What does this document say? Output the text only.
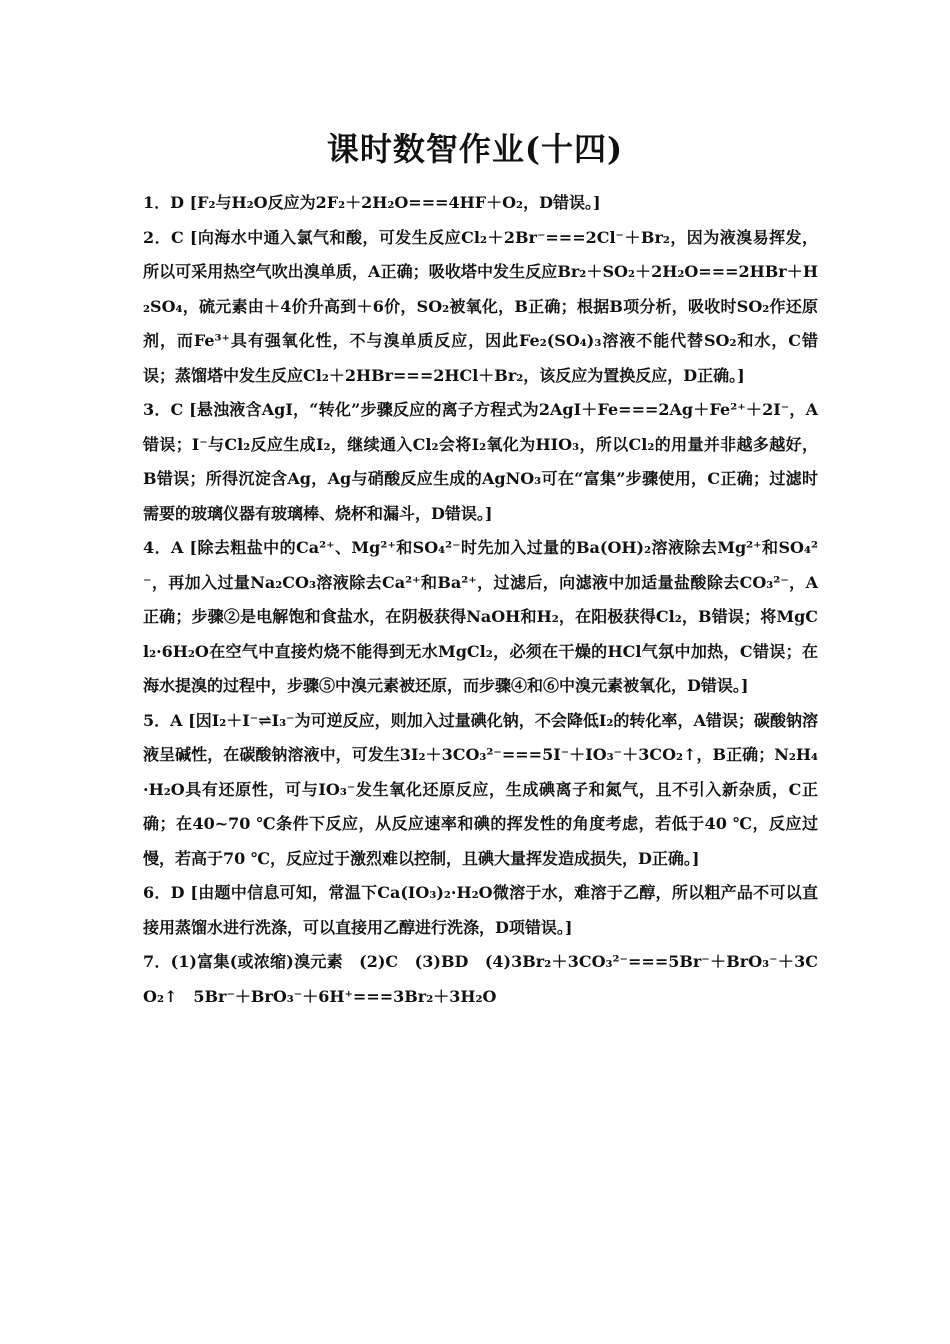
课时数智作业(十四)

1．D [F₂与H₂O反应为2F₂＋2H₂O===4HF＋O₂，D错误。]

2．C [向海水中通入氯气和酸，可发生反应Cl₂＋2Br⁻===2Cl⁻＋Br₂，因为液溴易挥发，所以可采用热空气吹出溴单质，A正确；吸收塔中发生反应Br₂＋SO₂＋2H₂O===2HBr＋H₂SO₄，硫元素由＋4价升高到＋6价，SO₂被氧化，B正确；根据B项分析，吸收时SO₂作还原剂，而Fe³⁺具有强氧化性，不与溴单质反应，因此Fe₂(SO₄)₃溶液不能代替SO₂和水，C错误；蒸馏塔中发生反应Cl₂＋2HBr===2HCl＋Br₂，该反应为置换反应，D正确。]

3．C [悬浊液含AgI，“转化”步骤反应的离子方程式为2AgI＋Fe===2Ag＋Fe²⁺＋2I⁻，A错误；I⁻与Cl₂反应生成I₂，继续通入Cl₂会将I₂氧化为HIO₃，所以Cl₂的用量并非越多越好，B错误；所得沉淀含Ag，Ag与硝酸反应生成的AgNO₃可在“富集”步骤使用，C正确；过滤时需要的玻璃仪器有玻璃棒、烧杯和漏斗，D错误。]

4．A [除去粗盐中的Ca²⁺、Mg²⁺和SO₄²⁻时先加入过量的Ba(OH)₂溶液除去Mg²⁺和SO₄²⁻，再加入过量Na₂CO₃溶液除去Ca²⁺和Ba²⁺，过滤后，向滤液中加适量盐酸除去CO₃²⁻，A正确；步骤②是电解饱和食盐水，在阴极获得NaOH和H₂，在阳极获得Cl₂，B错误；将MgCl₂·6H₂O在空气中直接灼烧不能得到无水MgCl₂，必须在干燥的HCl气氛中加热，C错误；在海水提溴的过程中，步骤⑤中溴元素被还原，而步骤④和⑥中溴元素被氧化，D错误。]

5．A [因I₂＋I⁻⇌I₃⁻为可逆反应，则加入过量碘化钠，不会降低I₂的转化率，A错误；碳酸钠溶液呈碱性，在碳酸钠溶液中，可发生3I₂＋3CO₃²⁻===5I⁻＋IO₃⁻＋3CO₂↑，B正确；N₂H₄·H₂O具有还原性，可与IO₃⁻发生氧化还原反应，生成碘离子和氮气，且不引入新杂质，C正确；在40~70 ℃条件下反应，从反应速率和碘的挥发性的角度考虑，若低于40 ℃，反应过慢，若高于70 ℃，反应过于激烈难以控制，且碘大量挥发造成损失，D正确。]

6．D [由题中信息可知，常温下Ca(IO₃)₂·H₂O微溶于水，难溶于乙醇，所以粗产品不可以直接用蒸馏水进行洗涤，可以直接用乙醇进行洗涤，D项错误。]

7．(1)富集(或浓缩)溴元素　(2)C　(3)BD　(4)3Br₂＋3CO₃²⁻===5Br⁻＋BrO₃⁻＋3CO₂↑　5Br⁻＋BrO₃⁻＋6H⁺===3Br₂＋3H₂O
